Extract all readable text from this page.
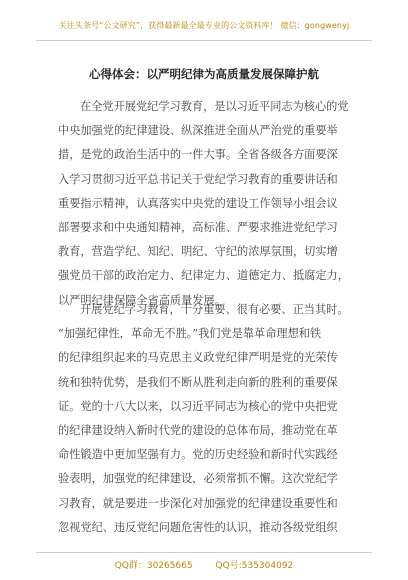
关注头条号“公文研究”，获得最新最全最专业的公文资料库！ 微信：gongwenyj
心得体会：以严明纪律为高质量发展保障护航
在全党开展党纪学习教育，是以习近平同志为核心的党
中央加强党的纪律建设、纵深推进全面从严治党的重要举
措，是党的政治生活中的一件大事。全省各级各方面要深
入学习贯彻习近平总书记关于党纪学习教育的重要讲话和
重要指示精神，认真落实中央党的建设工作领导小组会议
部署要求和中央通知精神，高标准、严要求推进党纪学习
教育，营造学纪、知纪、明纪、守纪的浓厚氛围，切实增
强党员干部的政治定力、纪律定力、道德定力、抵腐定力，
以严明纪律保障全省高质量发展。
开展党纪学习教育，十分重要、很有必要、正当其时。
“加强纪律性，革命无不胜。”我们党是靠革命理想和铁
的纪律组织起来的马克思主义政党纪律严明是党的光荣传
统和独特优势，是我们不断从胜利走向新的胜利的重要保
证。党的十八大以来，以习近平同志为核心的党中央把党
的纪律建设纳入新时代党的建设的总体布局，推动党在革
命性锻造中更加坚强有力。党的历史经验和新时代实践经
验表明，加强党的纪律建设，必须常抓不懈。这次党纪学
习教育，就是要进一步深化对加强党的纪律建设重要性和
忽视党纪、违反党纪问题危害性的认识，推动各级党组织
QQ群：30265665	QQ号:535304092
